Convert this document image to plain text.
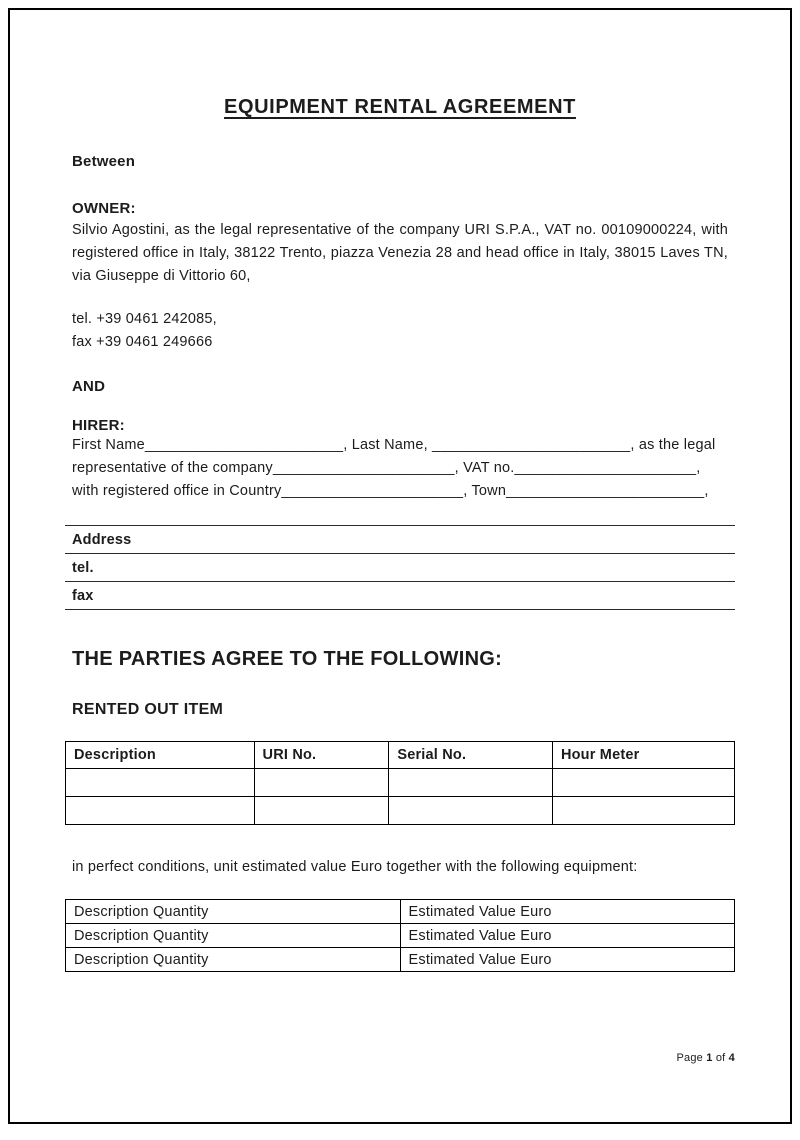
EQUIPMENT RENTAL AGREEMENT
Between
OWNER:
Silvio Agostini, as the legal representative of the company URI S.P.A., VAT no. 00109000224, with registered office in Italy, 38122 Trento, piazza Venezia 28 and head office in Italy, 38015 Laves TN, via Giuseppe di Vittorio 60,
tel. +39 0461 242085,
fax +39 0461 249666
AND
HIRER:
First Name________________________, Last Name, ________________________, as the legal
representative of the company______________________, VAT no.______________________,
with registered office in Country______________________, Town________________________,
Address
tel.
fax
THE PARTIES AGREE TO THE FOLLOWING:
RENTED OUT ITEM
Description	URI No.	Serial No.	Hour Meter

in perfect conditions, unit estimated value Euro together with the following equipment:
Description Quantity	Estimated Value Euro
Description Quantity	Estimated Value Euro
Description Quantity	Estimated Value Euro
Page 1 of 4
